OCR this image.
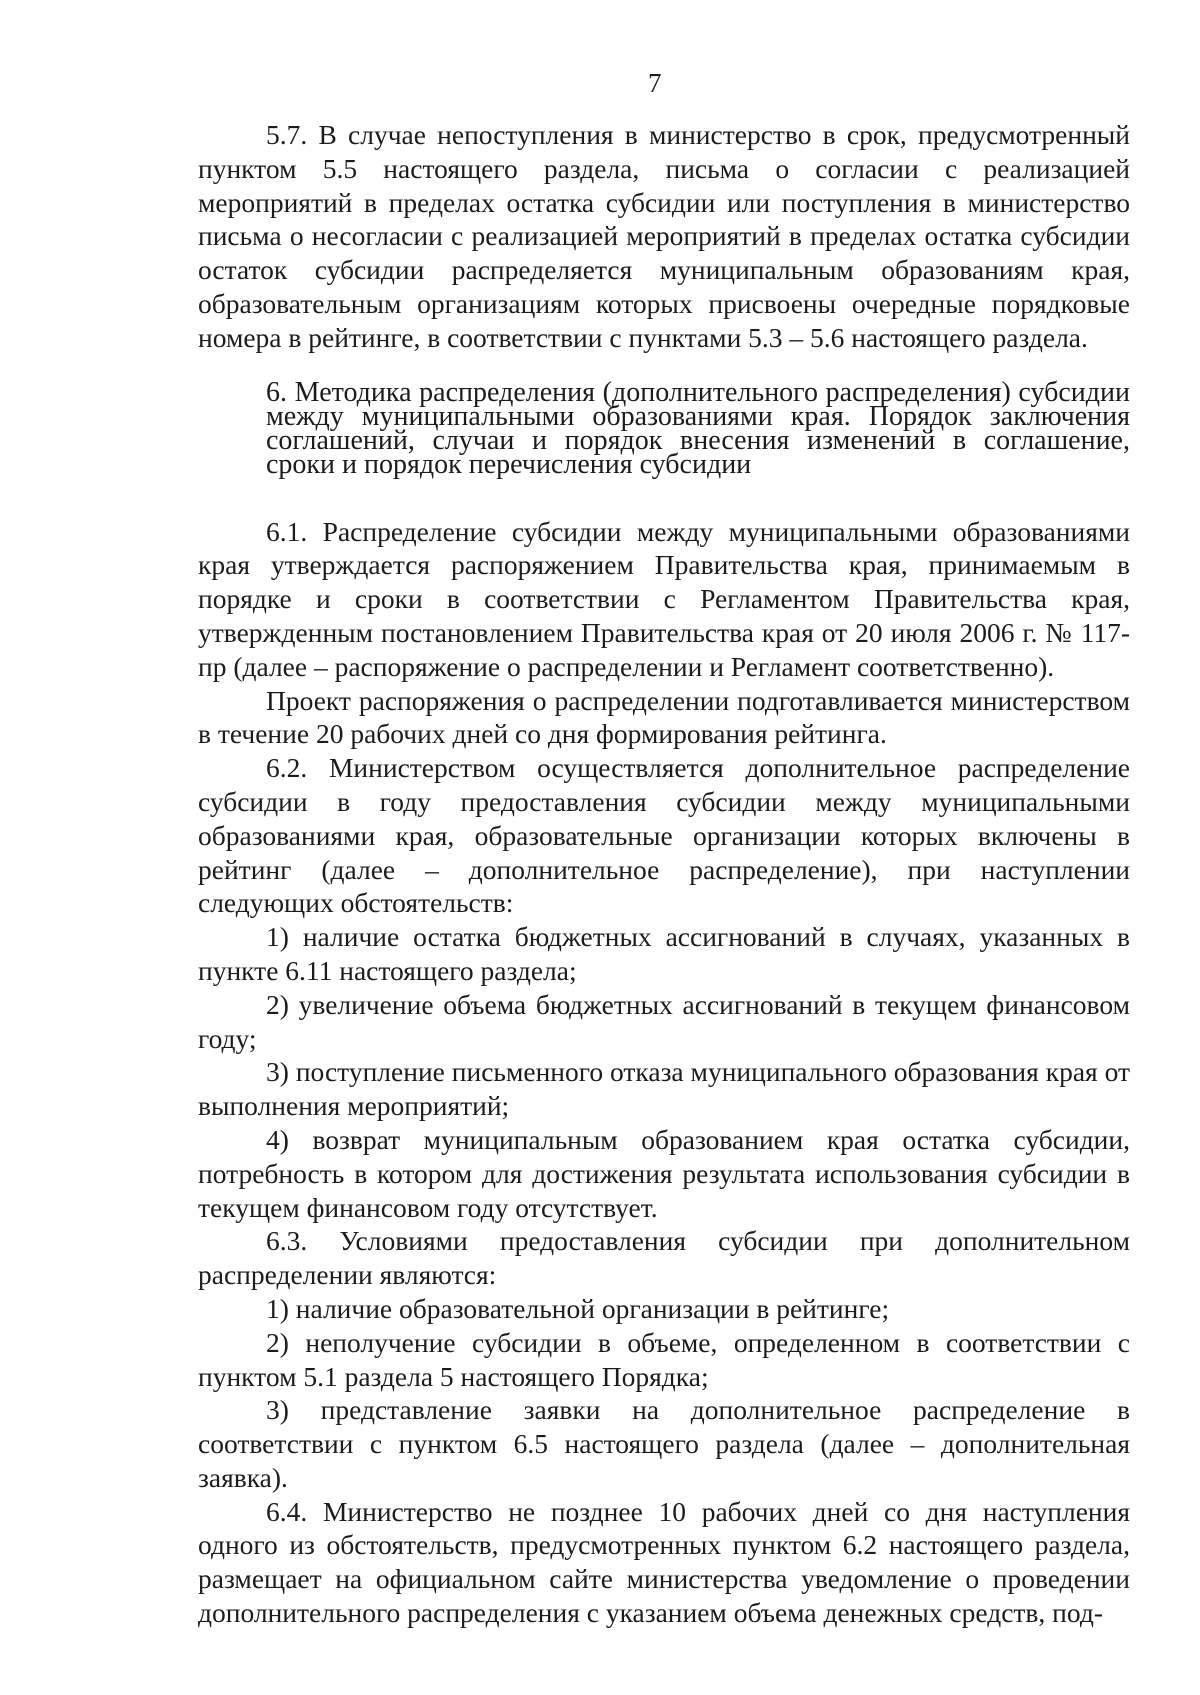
7

5.7. В случае непоступления в министерство в срок, предусмотренный пунктом 5.5 настоящего раздела, письма о согласии с реализацией мероприятий в пределах остатка субсидии или поступления в министерство письма о несогласии с реализацией мероприятий в пределах остатка субсидии остаток субсидии распределяется муниципальным образованиям края, образовательным организациям которых присвоены очередные порядковые номера в рейтинге, в соответствии с пунктами 5.3 – 5.6 настоящего раздела.

6. Методика распределения (дополнительного распределения) субсидии между муниципальными образованиями края. Порядок заключения соглашений, случаи и порядок внесения изменений в соглашение, сроки и порядок перечисления субсидии

6.1. Распределение субсидии между муниципальными образованиями края утверждается распоряжением Правительства края, принимаемым в порядке и сроки в соответствии с Регламентом Правительства края, утвержденным постановлением Правительства края от 20 июля 2006 г. № 117-пр (далее – распоряжение о распределении и Регламент соответственно).

Проект распоряжения о распределении подготавливается министерством в течение 20 рабочих дней со дня формирования рейтинга.

6.2. Министерством осуществляется дополнительное распределение субсидии в году предоставления субсидии между муниципальными образованиями края, образовательные организации которых включены в рейтинг (далее – дополнительное распределение), при наступлении следующих обстоятельств:

1) наличие остатка бюджетных ассигнований в случаях, указанных в пункте 6.11 настоящего раздела;

2) увеличение объема бюджетных ассигнований в текущем финансовом году;

3) поступление письменного отказа муниципального образования края от выполнения мероприятий;

4) возврат муниципальным образованием края остатка субсидии, потребность в котором для достижения результата использования субсидии в текущем финансовом году отсутствует.

6.3. Условиями предоставления субсидии при дополнительном распределении являются:

1) наличие образовательной организации в рейтинге;

2) неполучение субсидии в объеме, определенном в соответствии с пунктом 5.1 раздела 5 настоящего Порядка;

3) представление заявки на дополнительное распределение в соответствии с пунктом 6.5 настоящего раздела (далее – дополнительная заявка).

6.4. Министерство не позднее 10 рабочих дней со дня наступления одного из обстоятельств, предусмотренных пунктом 6.2 настоящего раздела, размещает на официальном сайте министерства уведомление о проведении дополнительного распределения с указанием объема денежных средств, под-
